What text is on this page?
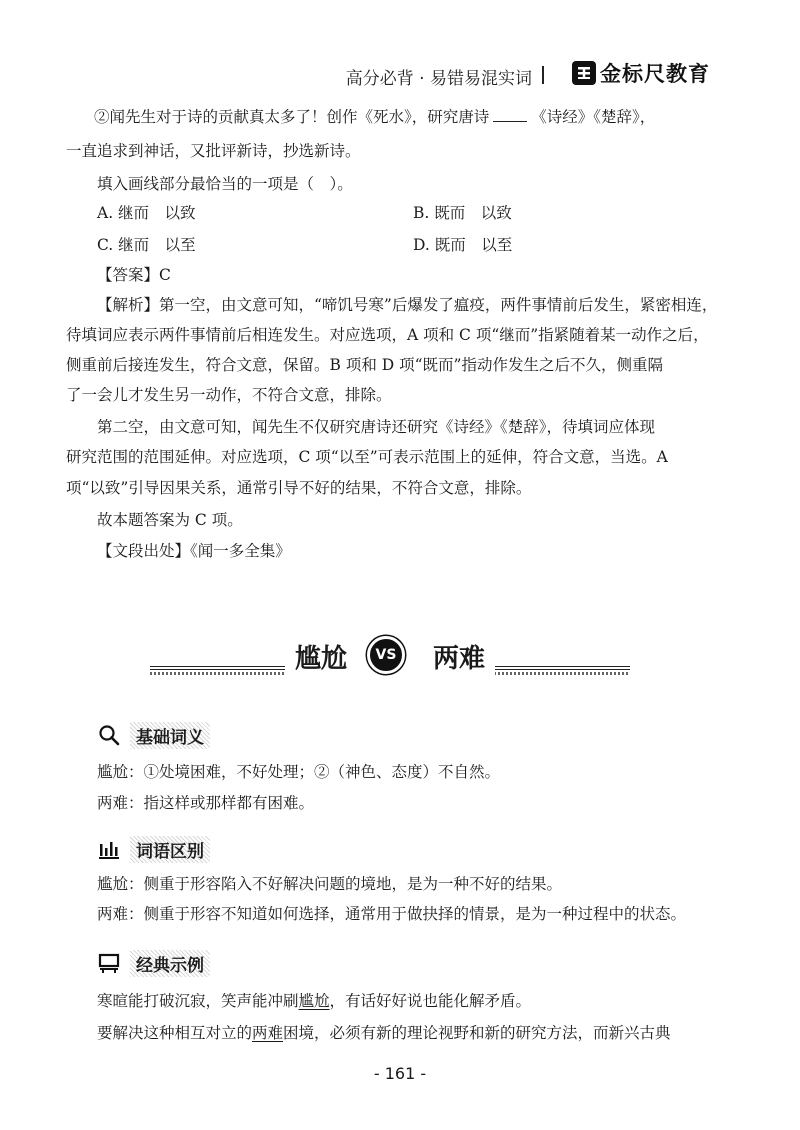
高分必背 · 易错易混实词	金标尺教育
②闻先生对于诗的贡献真太多了！创作《死水》，研究唐诗	《诗经》《楚辞》，
一直追求到神话，又批评新诗，抄选新诗。
填入画线部分最恰当的一项是（　）。
A. 继而　以致	B. 既而　以致
C. 继而　以至	D. 既而　以至
【答案】C
【解析】第一空，由文意可知，“啼饥号寒”后爆发了瘟疫，两件事情前后发生，紧密相连，
待填词应表示两件事情前后相连发生。对应选项，A 项和 C 项“继而”指紧随着某一动作之后，
侧重前后接连发生，符合文意，保留。B 项和 D 项“既而”指动作发生之后不久，侧重隔
了一会儿才发生另一动作，不符合文意，排除。
第二空，由文意可知，闻先生不仅研究唐诗还研究《诗经》《楚辞》，待填词应体现
研究范围的范围延伸。对应选项，C 项“以至”可表示范围上的延伸，符合文意，当选。A
项“以致”引导因果关系，通常引导不好的结果，不符合文意，排除。
故本题答案为 C 项。
【文段出处】《闻一多全集》
尴尬	VS	两难
基础词义
尴尬：①处境困难，不好处理；②（神色、态度）不自然。
两难：指这样或那样都有困难。
词语区别
尴尬：侧重于形容陷入不好解决问题的境地，是为一种不好的结果。
两难：侧重于形容不知道如何选择，通常用于做抉择的情景，是为一种过程中的状态。
经典示例
寒暄能打破沉寂，笑声能冲刷尴尬，有话好好说也能化解矛盾。
要解决这种相互对立的两难困境，必须有新的理论视野和新的研究方法，而新兴古典
- 161 -
